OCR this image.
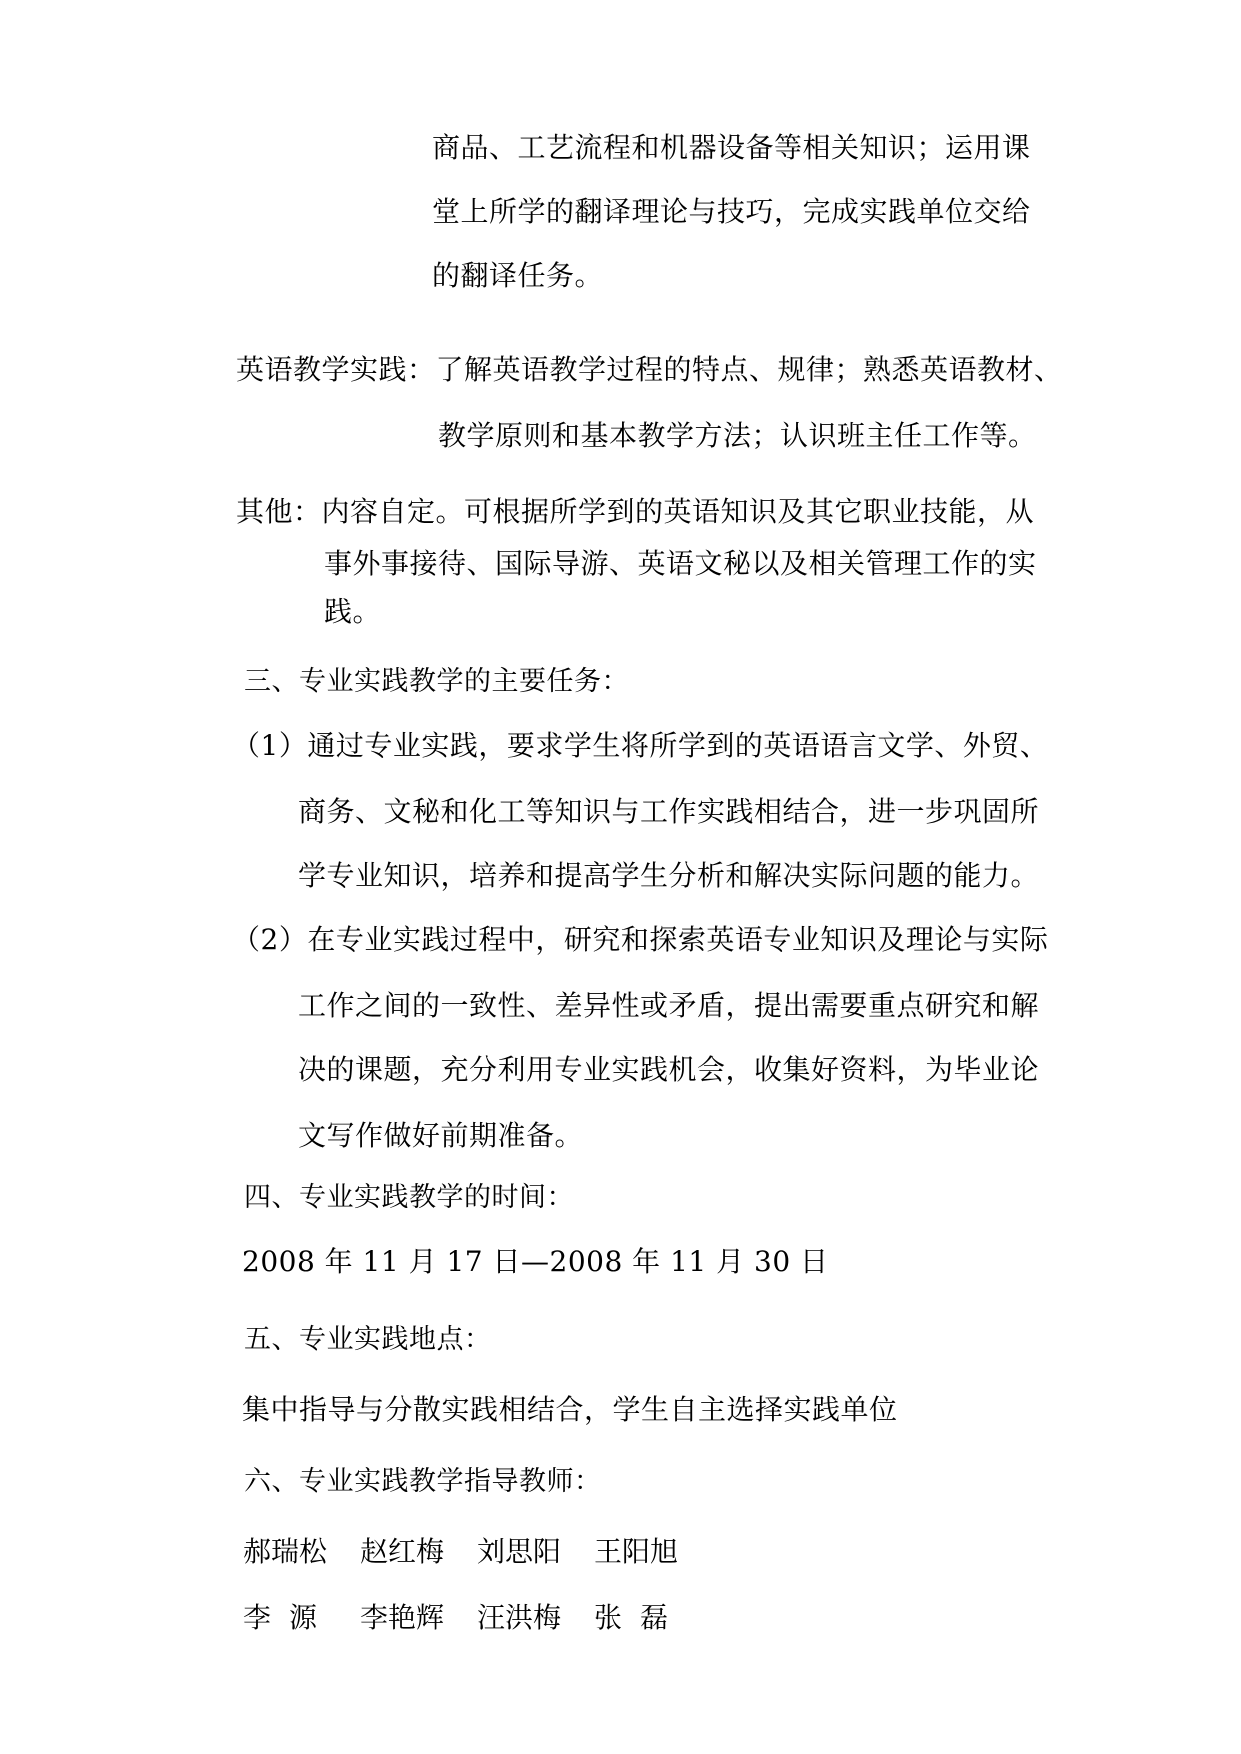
商品、工艺流程和机器设备等相关知识；运用课
堂上所学的翻译理论与技巧，完成实践单位交给
的翻译任务。
英语教学实践：了解英语教学过程的特点、规律；熟悉英语教材、
教学原则和基本教学方法；认识班主任工作等。
其他：内容自定。可根据所学到的英语知识及其它职业技能，从
事外事接待、国际导游、英语文秘以及相关管理工作的实
践。
三、专业实践教学的主要任务：
（1）通过专业实践，要求学生将所学到的英语语言文学、外贸、
商务、文秘和化工等知识与工作实践相结合，进一步巩固所
学专业知识，培养和提高学生分析和解决实际问题的能力。
（2）在专业实践过程中，研究和探索英语专业知识及理论与实际
工作之间的一致性、差异性或矛盾，提出需要重点研究和解
决的课题，充分利用专业实践机会，收集好资料，为毕业论
文写作做好前期准备。
四、专业实践教学的时间：
2008 年 11 月 17 日—2008 年 11 月 30 日
五、专业实践地点：
集中指导与分散实践相结合，学生自主选择实践单位
六、专业实践教学指导教师：
郝瑞松	赵红梅	刘思阳	王阳旭
李源 李艳辉	汪洪梅	张磊
